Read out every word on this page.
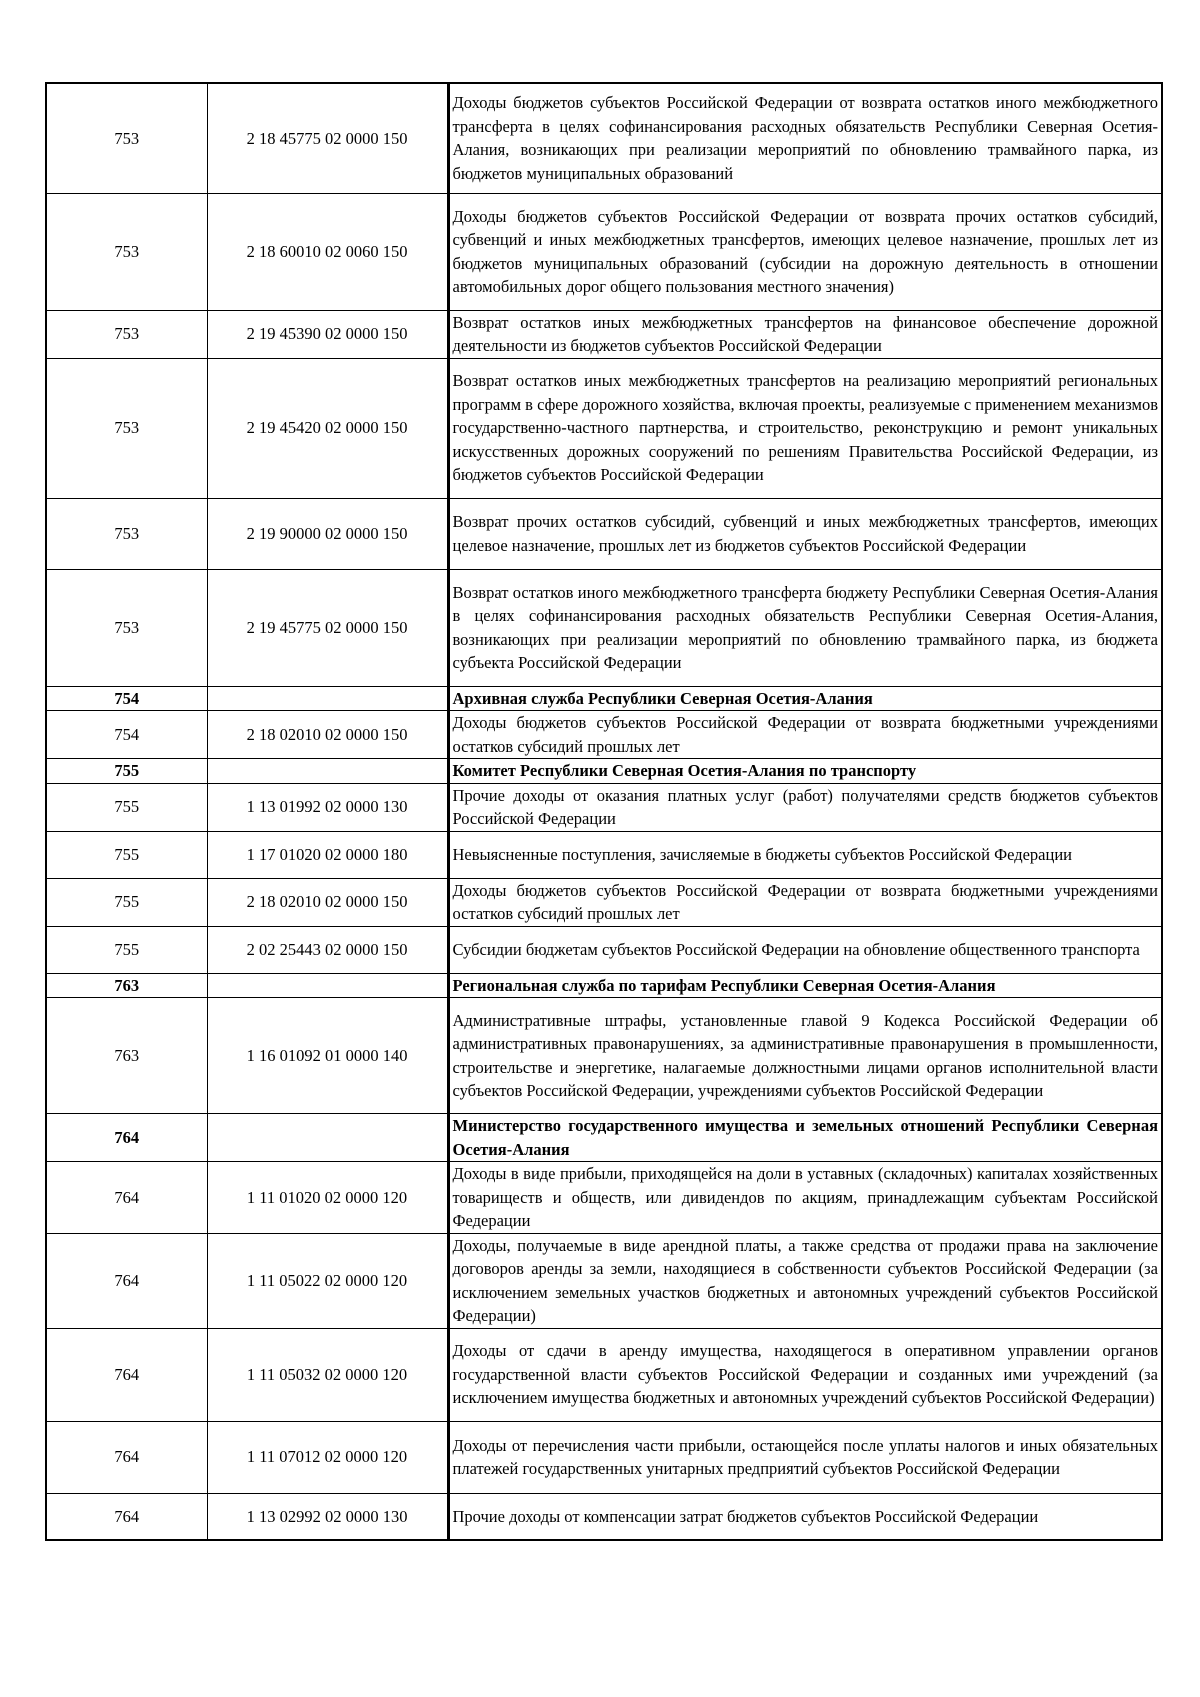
753	2 18 45775 02 0000 150	Доходы бюджетов субъектов Российской Федерации от возврата остатков иного межбюджетного трансферта в целях софинансирования расходных обязательств Республики Северная Осетия-Алания, возникающих при реализации мероприятий по обновлению трамвайного парка, из бюджетов муниципальных образований
753	2 18 60010 02 0060 150	Доходы бюджетов субъектов Российской Федерации от возврата прочих остатков субсидий, субвенций и иных межбюджетных трансфертов, имеющих целевое назначение, прошлых лет из бюджетов муниципальных образований (субсидии на дорожную деятельность в отношении автомобильных дорог общего пользования местного значения)
753	2 19 45390 02 0000 150	Возврат остатков иных межбюджетных трансфертов на финансовое обеспечение дорожной деятельности из бюджетов субъектов Российской Федерации
753	2 19 45420 02 0000 150	Возврат остатков иных межбюджетных трансфертов на реализацию мероприятий региональных программ в сфере дорожного хозяйства, включая проекты, реализуемые с применением механизмов государственно-частного партнерства, и строительство, реконструкцию и ремонт уникальных искусственных дорожных сооружений по решениям Правительства Российской Федерации, из бюджетов субъектов Российской Федерации
753	2 19 90000 02 0000 150	Возврат прочих остатков субсидий, субвенций и иных межбюджетных трансфертов, имеющих целевое назначение, прошлых лет из бюджетов субъектов Российской Федерации
753	2 19 45775 02 0000 150	Возврат остатков иного межбюджетного трансферта бюджету Республики Северная Осетия-Алания в целях софинансирования расходных обязательств Республики Северная Осетия-Алания, возникающих при реализации мероприятий по обновлению трамвайного парка, из бюджета субъекта Российской Федерации
754		Архивная служба Республики Северная Осетия-Алания
754	2 18 02010 02 0000 150	Доходы бюджетов субъектов Российской Федерации от возврата бюджетными учреждениями остатков субсидий прошлых лет
755		Комитет Республики Северная Осетия-Алания по транспорту
755	1 13 01992 02 0000 130	Прочие доходы от оказания платных услуг (работ) получателями средств бюджетов субъектов Российской Федерации
755	1 17 01020 02 0000 180	Невыясненные поступления, зачисляемые в бюджеты субъектов Российской Федерации
755	2 18 02010 02 0000 150	Доходы бюджетов субъектов Российской Федерации от возврата бюджетными учреждениями остатков субсидий прошлых лет
755	2 02 25443 02 0000 150	Субсидии бюджетам субъектов Российской Федерации на обновление общественного транспорта
763		Региональная служба по тарифам Республики Северная Осетия-Алания
763	1 16 01092 01 0000 140	Административные штрафы, установленные главой 9 Кодекса Российской Федерации об административных правонарушениях, за административные правонарушения в промышленности, строительстве и энергетике, налагаемые должностными лицами органов исполнительной власти субъектов Российской Федерации, учреждениями субъектов Российской Федерации
764		Министерство государственного имущества и земельных отношений Республики Северная Осетия-Алания
764	1 11 01020 02 0000 120	Доходы в виде прибыли, приходящейся на доли в уставных (складочных) капиталах хозяйственных товариществ и обществ, или дивидендов по акциям, принадлежащим субъектам Российской Федерации
764	1 11 05022 02 0000 120	Доходы, получаемые в виде арендной платы, а также средства от продажи права на заключение договоров аренды за земли, находящиеся в собственности субъектов Российской Федерации (за исключением земельных участков бюджетных и автономных учреждений субъектов Российской Федерации)
764	1 11 05032 02 0000 120	Доходы от сдачи в аренду имущества, находящегося в оперативном управлении органов государственной власти субъектов Российской Федерации и созданных ими учреждений (за исключением имущества бюджетных и автономных учреждений субъектов Российской Федерации)
764	1 11 07012 02 0000 120	Доходы от перечисления части прибыли, остающейся после уплаты налогов и иных обязательных платежей государственных унитарных предприятий субъектов Российской Федерации
764	1 13 02992 02 0000 130	Прочие доходы от компенсации затрат бюджетов субъектов Российской Федерации
